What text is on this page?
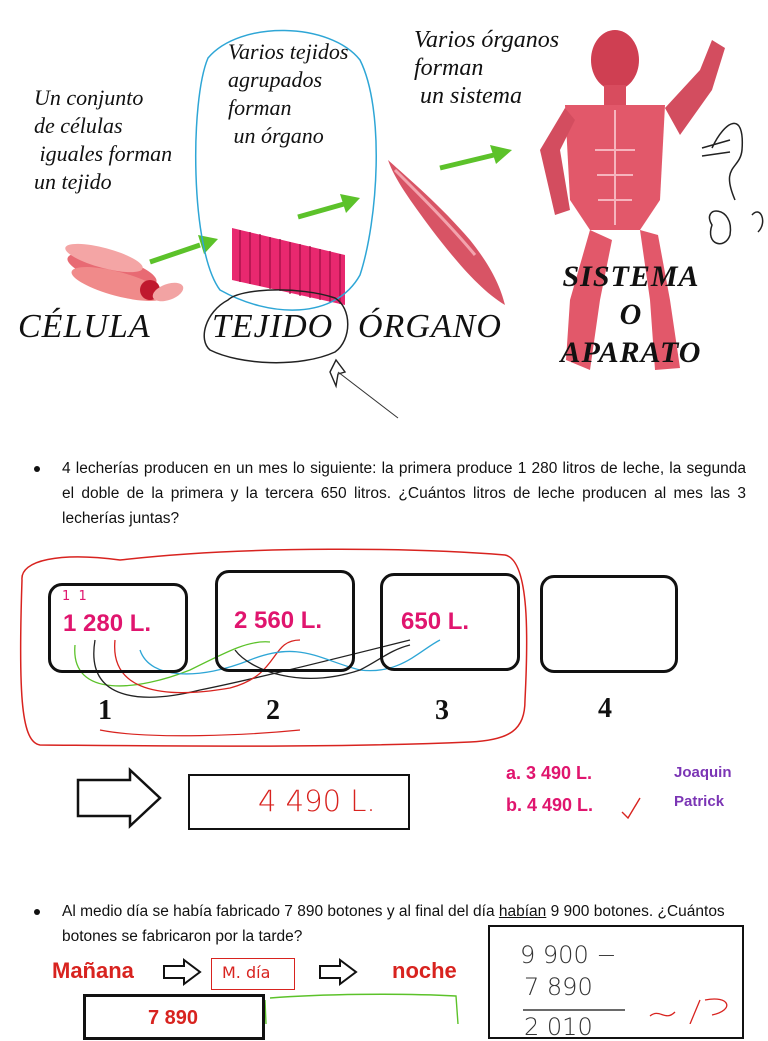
Un conjunto
de células
iguales forman
un tejido
Varios tejidos
agrupados
forman
un órgano
Varios órganos
forman
un sistema
CÉLULA TEJIDO ÓRGANO
SISTEMA
O
APARATO
4 lecherías producen en un mes lo siguiente: la primera produce 1 280 litros de leche, la segunda el doble de la primera y la tercera 650 litros. ¿Cuántos litros de leche producen al mes las 3 lecherías juntas?
1 280 L.
1  1
2 560 L.	650 L.
1	2	3	4
4 490 L.
a. 3 490 L.
b. 4 490 L.
Joaquin
Patrick
Al medio día se había fabricado 7 890 botones y al final del día habían 9 900 botones. ¿Cuántos botones se fabricaron por la tarde?
Mañana	M. día	noche
7 890
9 900 −
7 890
2 010
